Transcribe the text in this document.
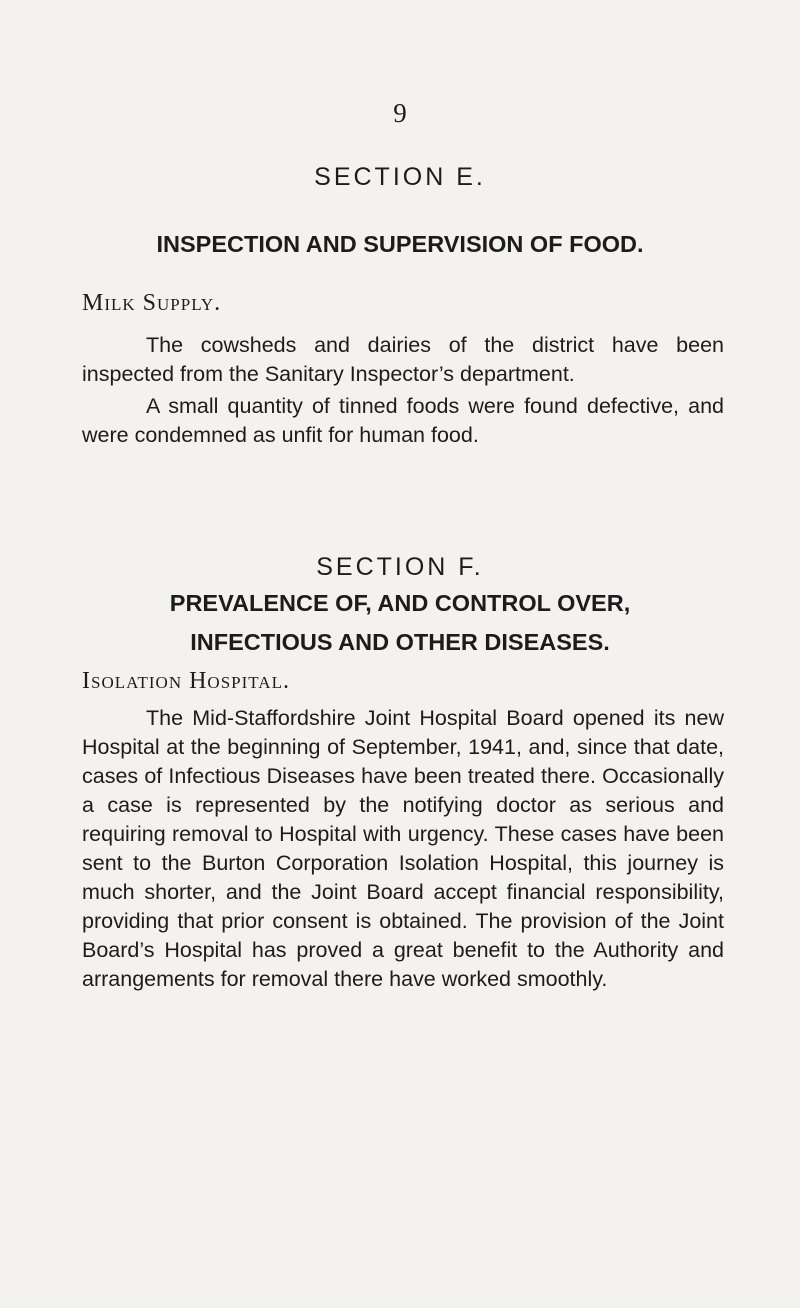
9
SECTION E.
INSPECTION AND SUPERVISION OF FOOD.
Milk Supply.

The cowsheds and dairies of the district have been inspected from the Sanitary Inspector’s department.

A small quantity of tinned foods were found defective, and were condemned as unfit for human food.

SECTION F.
PREVALENCE OF, AND CONTROL OVER,
INFECTIOUS AND OTHER DISEASES.
Isolation Hospital.

The Mid-Staffordshire Joint Hospital Board opened its new Hospital at the beginning of September, 1941, and, since that date, cases of Infectious Diseases have been treated there. Occasionally a case is represented by the notifying doctor as serious and requiring removal to Hospital with urgency. These cases have been sent to the Burton Corporation Isolation Hospital, this journey is much shorter, and the Joint Board accept financial responsibility, providing that prior consent is obtained. The provision of the Joint Board’s Hospital has proved a great benefit to the Authority and arrangements for removal there have worked smoothly.
